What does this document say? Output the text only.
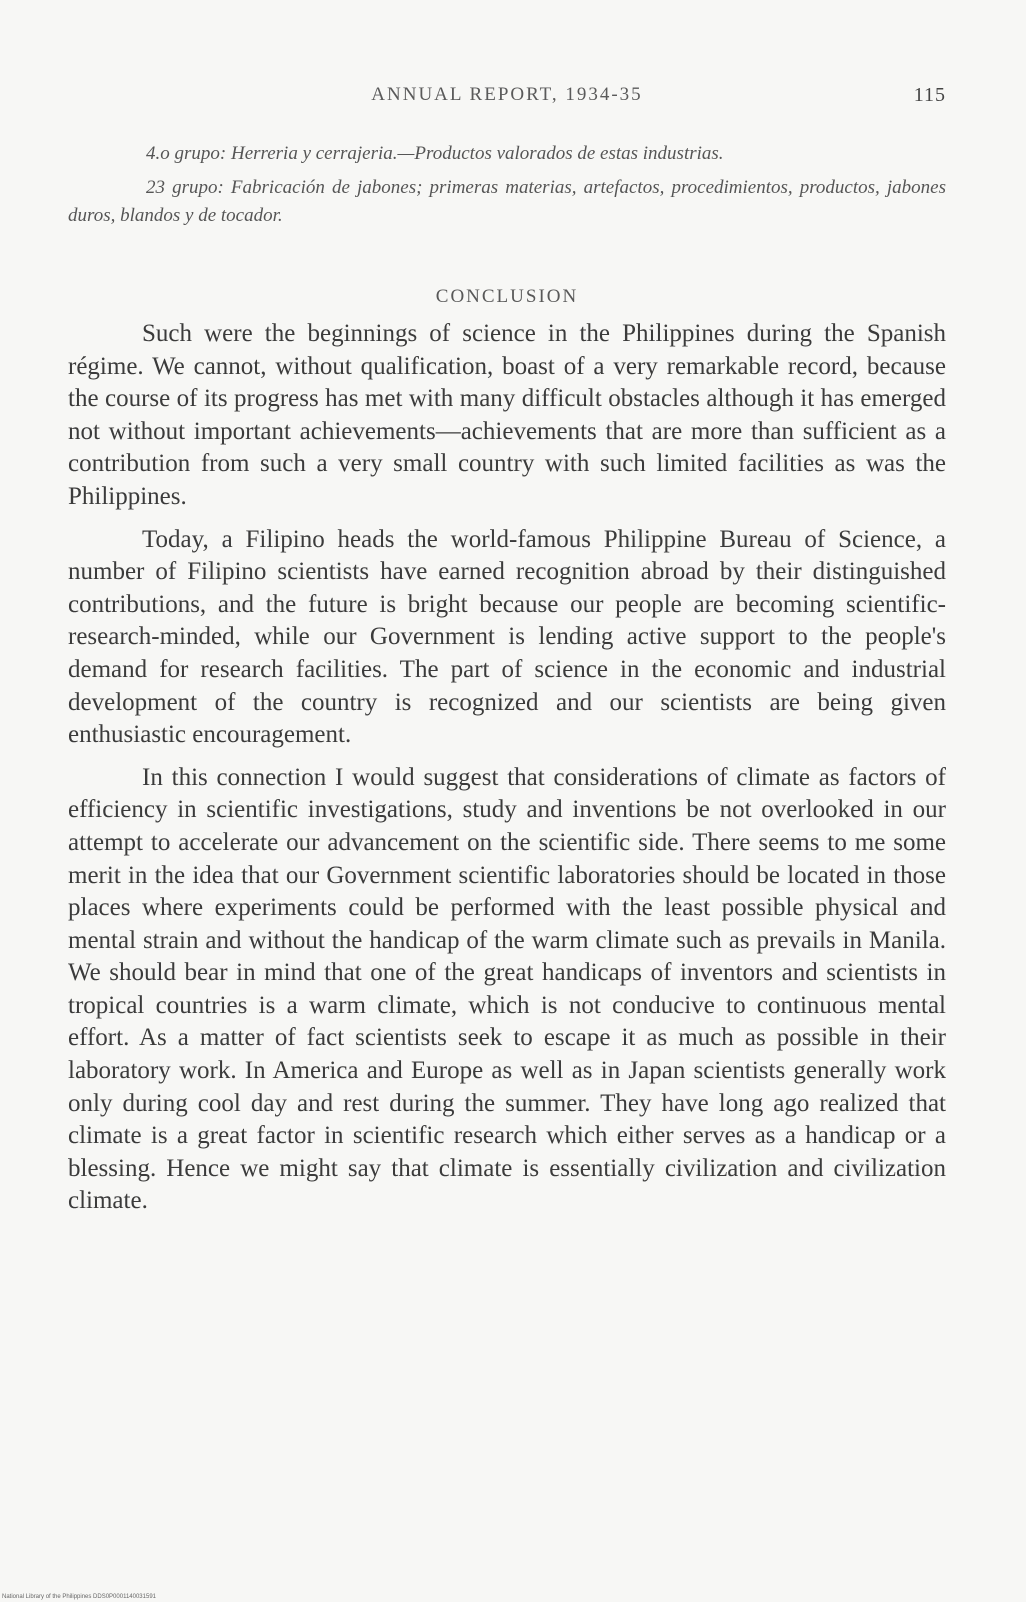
ANNUAL REPORT, 1934-35	115

4.o grupo: Herreria y cerrajeria.—Productos valorados de estas industrias.

23 grupo: Fabricación de jabones; primeras materias, artefactos, procedimientos, productos, jabones duros, blandos y de tocador.

CONCLUSION

Such were the beginnings of science in the Philippines during the Spanish régime. We cannot, without qualification, boast of a very remarkable record, because the course of its progress has met with many difficult obstacles although it has emerged not without important achievements—achievements that are more than sufficient as a contribution from such a very small country with such limited facilities as was the Philippines.

Today, a Filipino heads the world-famous Philippine Bureau of Science, a number of Filipino scientists have earned recognition abroad by their distinguished contributions, and the future is bright because our people are becoming scientific-research-minded, while our Government is lending active support to the people's demand for research facilities. The part of science in the economic and industrial development of the country is recognized and our scientists are being given enthusiastic encouragement.

In this connection I would suggest that considerations of climate as factors of efficiency in scientific investigations, study and inventions be not overlooked in our attempt to accelerate our advancement on the scientific side. There seems to me some merit in the idea that our Government scientific laboratories should be located in those places where experiments could be performed with the least possible physical and mental strain and without the handicap of the warm climate such as prevails in Manila. We should bear in mind that one of the great handicaps of inventors and scientists in tropical countries is a warm climate, which is not conducive to continuous mental effort. As a matter of fact scientists seek to escape it as much as possible in their laboratory work. In America and Europe as well as in Japan scientists generally work only during cool day and rest during the summer. They have long ago realized that climate is a great factor in scientific research which either serves as a handicap or a blessing. Hence we might say that climate is essentially civilization and civilization climate.

National Library of the Philippines DDS0P0001140031591
